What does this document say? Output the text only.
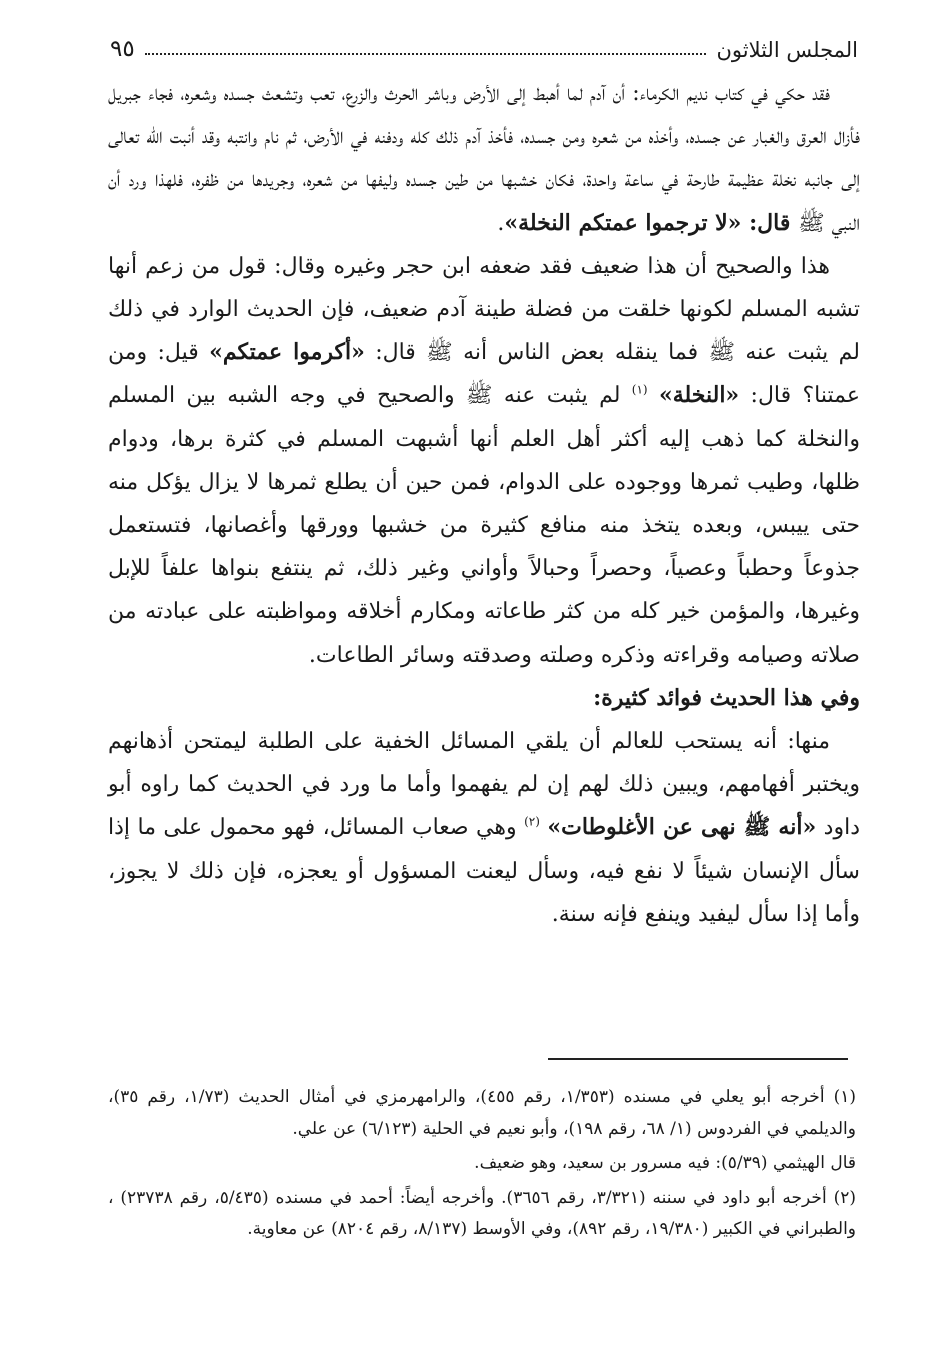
المجلس الثلاثون
٩٥

فقد حكي في كتاب نديم الكرماء: أن آدم لما أهبط إلى الأرض وباشر الحرث والزرع، تعب وتشعث جسده وشعره، فجاء جبريل فأزال العرق والغبار عن جسده، وأخذه من شعره ومن جسده، فأخذ آدم ذلك كله ودفنه في الأرض، ثم نام وانتبه وقد أنبت الله تعالى إلى جانبه نخلة عظيمة طارحة في ساعة واحدة، فكان خشبها من طين جسده وليفها من شعره، وجريدها من ظفره، فلهذا ورد أن النبي ﷺ قال: «لا ترجموا عمتكم النخلة».

هذا والصحيح أن هذا ضعيف فقد ضعفه ابن حجر وغيره وقال: قول من زعم أنها تشبه المسلم لكونها خلقت من فضلة طينة آدم ضعيف، فإن الحديث الوارد في ذلك لم يثبت عنه ﷺ فما ينقله بعض الناس أنه ﷺ قال: «أكرموا عمتكم» قيل: ومن عمتنا؟ قال: «النخلة» $^{(١)}$ لم يثبت عنه ﷺ والصحيح في وجه الشبه بين المسلم والنخلة كما ذهب إليه أكثر أهل العلم أنها أشبهت المسلم في كثرة برها، ودوام ظلها، وطيب ثمرها ووجوده على الدوام، فمن حين أن يطلع ثمرها لا يزال يؤكل منه حتى ييبس، وبعده يتخذ منه منافع كثيرة من خشبها وورقها وأغصانها، فتستعمل جذوعاً وحطباً وعصياً، وحصراً وحبالاً وأواني وغير ذلك، ثم ينتفع بنواها علفاً للإبل وغيرها، والمؤمن خير كله من كثر طاعاته ومكارم أخلاقه ومواظبته على عبادته من صلاته وصيامه وقراءته وذكره وصلته وصدقته وسائر الطاعات.

وفي هذا الحديث فوائد كثيرة:

منها: أنه يستحب للعالم أن يلقي المسائل الخفية على الطلبة ليمتحن أذهانهم ويختبر أفهامهم، ويبين ذلك لهم إن لم يفهموا وأما ما ورد في الحديث كما راوه أبو داود «أنه ﷺ نهى عن الأغلوطات» $^{(٢)}$ وهي صعاب المسائل، فهو محمول على ما إذا سأل الإنسان شيئاً لا نفع فيه، وسأل ليعنت المسؤول أو يعجزه، فإن ذلك لا يجوز، وأما إذا سأل ليفيد وينفع فإنه سنة.

(١) أخرجه أبو يعلي في مسنده (١/٣٥٣، رقم ٤٥٥)، والرامهرمزي في أمثال الحديث (١/٧٣، رقم ٣٥)، والديلمي في الفردوس (١/ ٦٨، رقم ١٩٨)، وأبو نعيم في الحلية (٦/١٢٣) عن علي.

قال الهيثمي (٥/٣٩): فيه مسرور بن سعيد، وهو ضعيف.

(٢) أخرجه أبو داود في سننه (٣/٣٢١، رقم ٣٦٥٦). وأخرجه أيضاً: أحمد في مسنده (٥/٤٣٥، رقم ٢٣٧٣٨) ، والطبراني في الكبير (١٩/٣٨٠، رقم ٨٩٢)، وفي الأوسط (٨/١٣٧، رقم ٨٢٠٤) عن معاوية.
